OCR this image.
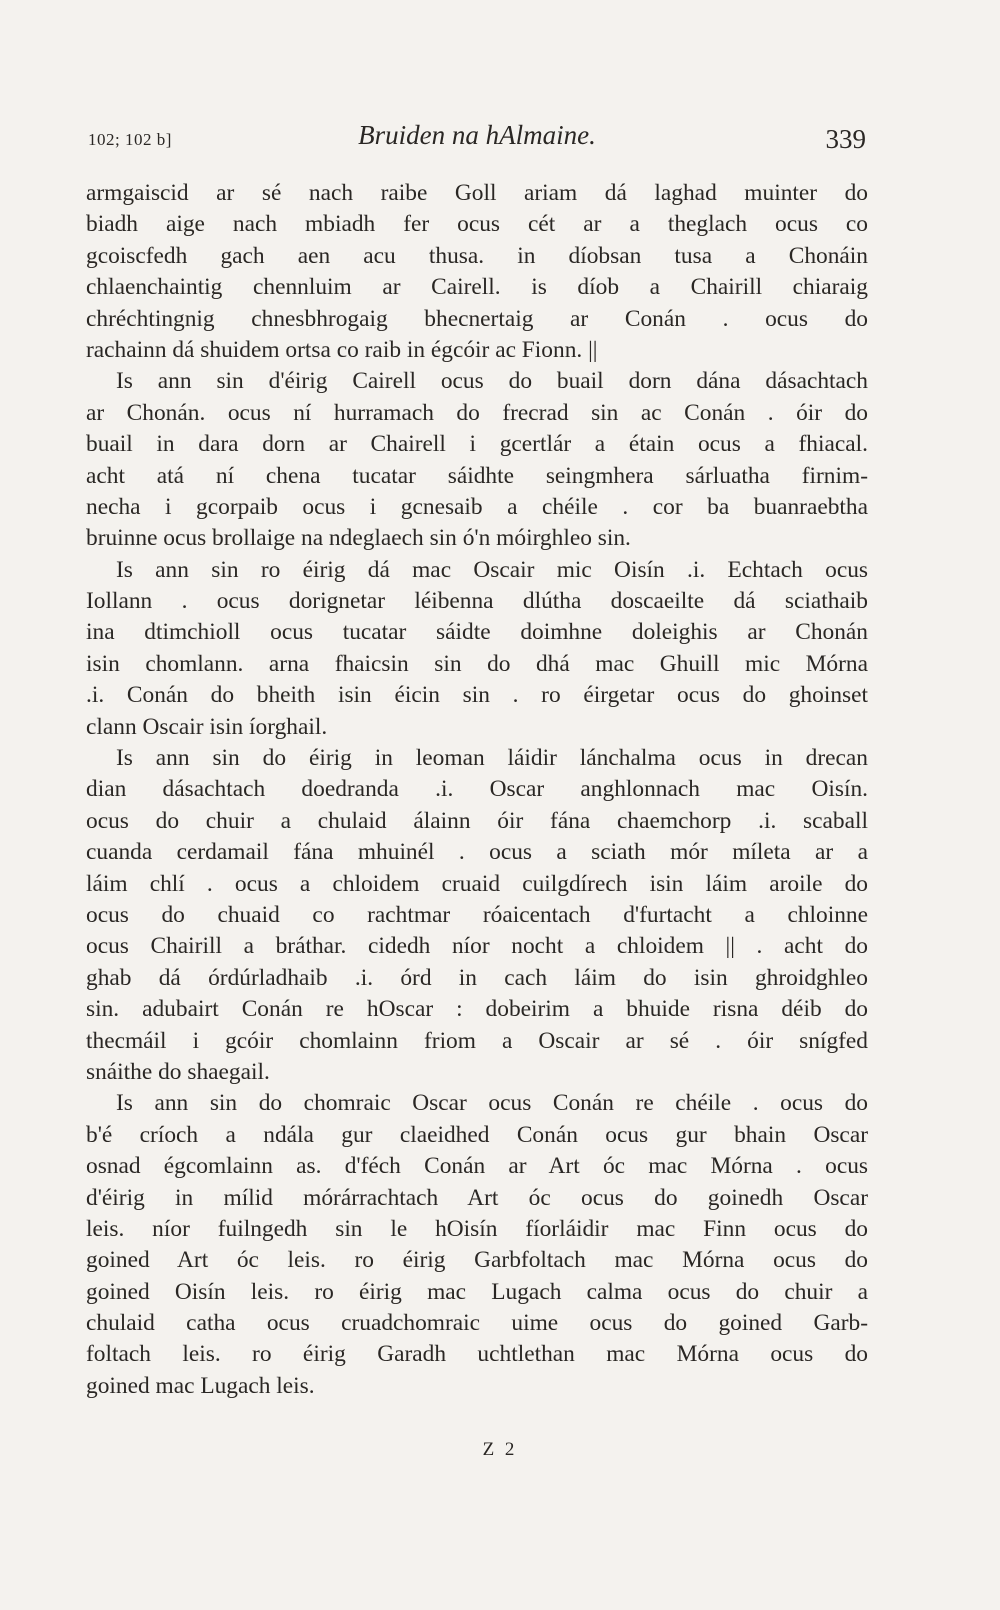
102; 102 b]	Bruiden na hAlmaine.	339
armgaiscid ar sé nach raibe Goll ariam dá laghad muinter do
biadh aige nach mbiadh fer ocus cét ar a theglach ocus co
gcoiscfedh gach aen acu thusa. in díobsan tusa a Chonáin
chlaenchaintig chennluim ar Cairell. is díob a Chairill chiaraig
chréchtingnig chnesbhrogaig bhecnertaig ar Conán . ocus do
rachainn dá shuidem ortsa co raib in égcóir ac Fionn. ||
Is ann sin d'éirig Cairell ocus do buail dorn dána dásachtach
ar Chonán. ocus ní hurramach do frecrad sin ac Conán . óir do
buail in dara dorn ar Chairell i gcertlár a étain ocus a fhiacal.
acht atá ní chena tucatar sáidhte seingmhera sárluatha firnim-
necha i gcorpaib ocus i gcnesaib a chéile . cor ba buanraebtha
bruinne ocus brollaige na ndeglaech sin ó'n móirghleo sin.
Is ann sin ro éirig dá mac Oscair mic Oisín .i. Echtach ocus
Iollann . ocus dorignetar léibenna dlútha doscaeilte dá sciathaib
ina dtimchioll ocus tucatar sáidte doimhne doleighis ar Chonán
isin chomlann. arna fhaicsin sin do dhá mac Ghuill mic Mórna
.i. Conán do bheith isin éicin sin . ro éirgetar ocus do ghoinset
clann Oscair isin íorghail.
Is ann sin do éirig in leoman láidir lánchalma ocus in drecan
dian dásachtach doedranda .i. Oscar anghlonnach mac Oisín.
ocus do chuir a chulaid álainn óir fána chaemchorp .i. scaball
cuanda cerdamail fána mhuinél . ocus a sciath mór míleta ar a
láim chlí . ocus a chloidem cruaid cuilgdírech isin láim aroile do
ocus do chuaid co rachtmar róaicentach d'furtacht a chloinne
ocus Chairill a bráthar. cidedh níor nocht a chloidem || . acht do
ghab dá órdúrladhaib .i. órd in cach láim do isin ghroidghleo
sin. adubairt Conán re hOscar : dobeirim a bhuide risna déib do
thecmáil i gcóir chomlainn friom a Oscair ar sé . óir snígfed
snáithe do shaegail.
Is ann sin do chomraic Oscar ocus Conán re chéile . ocus do
b'é críoch a ndála gur claeidhed Conán ocus gur bhain Oscar
osnad égcomlainn as. d'féch Conán ar Art óc mac Mórna . ocus
d'éirig in mílid mórárrachtach Art óc ocus do goinedh Oscar
leis. níor fuilngedh sin le hOisín fíorláidir mac Finn ocus do
goined Art óc leis. ro éirig Garbfoltach mac Mórna ocus do
goined Oisín leis. ro éirig mac Lugach calma ocus do chuir a
chulaid catha ocus cruadchomraic uime ocus do goined Garb-
foltach leis. ro éirig Garadh uchtlethan mac Mórna ocus do
goined mac Lugach leis.
Z 2
